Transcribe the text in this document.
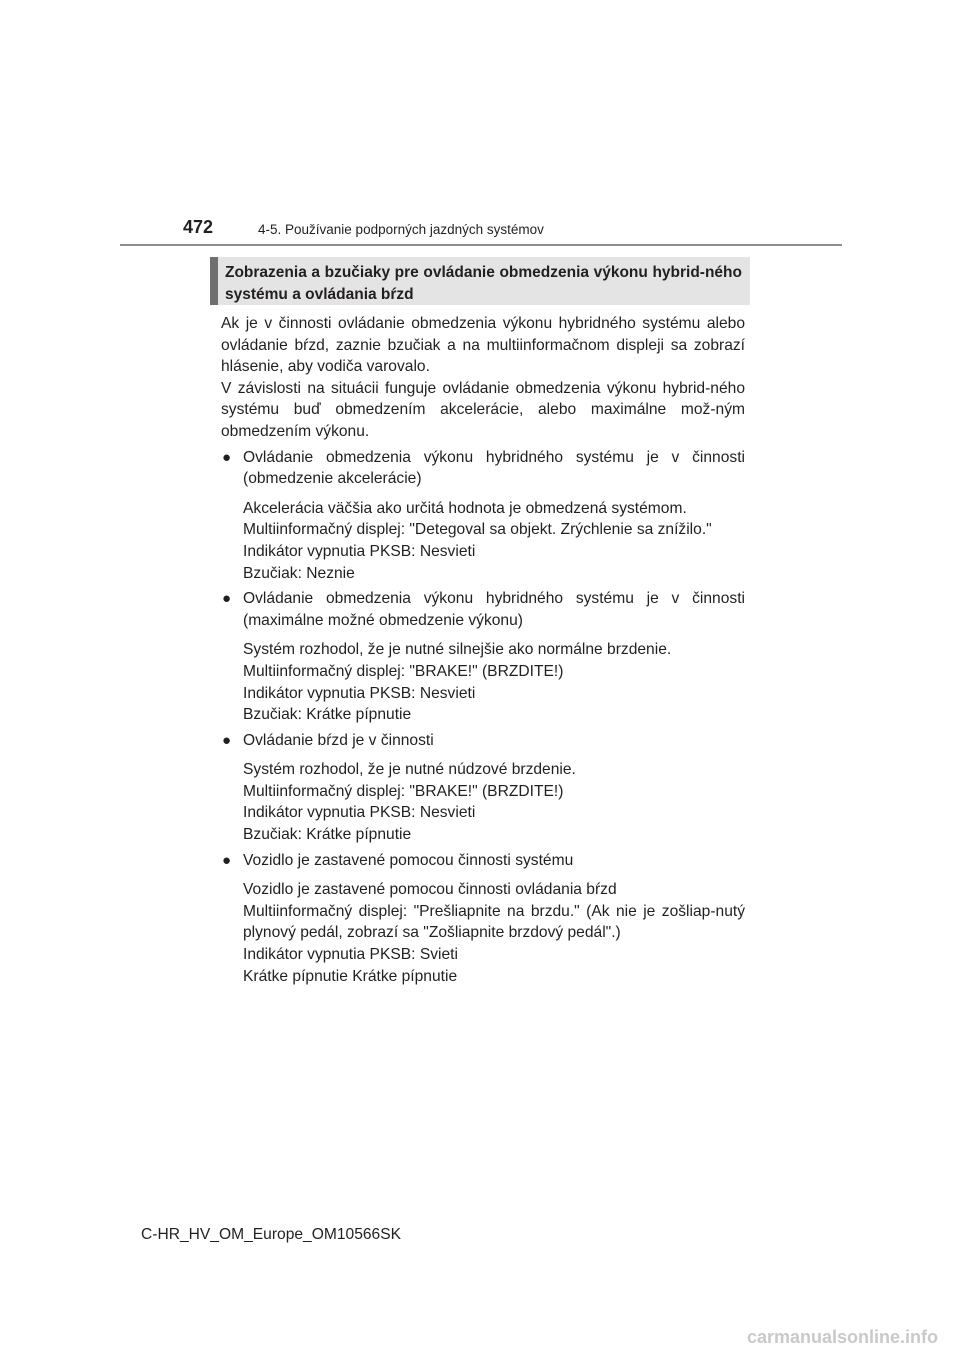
472	4-5. Používanie podporných jazdných systémov
Zobrazenia a bzučiaky pre ovládanie obmedzenia výkonu hybrid-ného systému a ovládania bŕzd

Ak je v činnosti ovládanie obmedzenia výkonu hybridného systému alebo ovládanie bŕzd, zaznie bzučiak a na multiinformačnom displeji sa zobrazí hlásenie, aby vodiča varovalo.

V závislosti na situácii funguje ovládanie obmedzenia výkonu hybrid-ného systému buď obmedzením akcelerácie, alebo maximálne mož-ným obmedzením výkonu.

● Ovládanie obmedzenia výkonu hybridného systému je v činnosti (obmedzenie akcelerácie)

Akcelerácia väčšia ako určitá hodnota je obmedzená systémom.

Multiinformačný displej: "Detegoval sa objekt. Zrýchlenie sa znížilo."

Indikátor vypnutia PKSB: Nesvieti

Bzučiak: Neznie

● Ovládanie obmedzenia výkonu hybridného systému je v činnosti (maximálne možné obmedzenie výkonu)

Systém rozhodol, že je nutné silnejšie ako normálne brzdenie.

Multiinformačný displej: "BRAKE!" (BRZDITE!)

Indikátor vypnutia PKSB: Nesvieti

Bzučiak: Krátke pípnutie

● Ovládanie bŕzd je v činnosti

Systém rozhodol, že je nutné núdzové brzdenie.

Multiinformačný displej: "BRAKE!" (BRZDITE!)

Indikátor vypnutia PKSB: Nesvieti

Bzučiak: Krátke pípnutie

● Vozidlo je zastavené pomocou činnosti systému

Vozidlo je zastavené pomocou činnosti ovládania bŕzd

Multiinformačný displej: "Prešliapnite na brzdu." (Ak nie je zošliap-nutý plynový pedál, zobrazí sa "Zošliapnite brzdový pedál".)

Indikátor vypnutia PKSB: Svieti

Krátke pípnutie Krátke pípnutie

C-HR_HV_OM_Europe_OM10566SK
carmanualsonline.info
